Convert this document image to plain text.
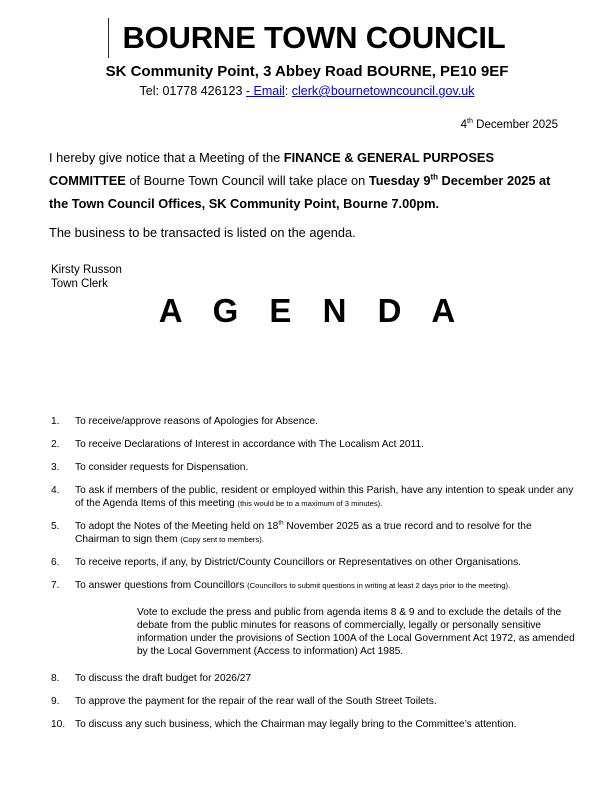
BOURNE TOWN COUNCIL
SK Community Point, 3 Abbey Road BOURNE, PE10 9EF
Tel: 01778 426123 - Email: clerk@bournetowncouncil.gov.uk
4th December 2025
I hereby give notice that a Meeting of the FINANCE & GENERAL PURPOSES COMMITTEE of Bourne Town Council will take place on Tuesday 9th December 2025 at the Town Council Offices, SK Community Point, Bourne 7.00pm.
The business to be transacted is listed on the agenda.
Kirsty Russon
Town Clerk
A G E N D A
1.	To receive/approve reasons of Apologies for Absence.
2.	To receive Declarations of Interest in accordance with The Localism Act 2011.
3.	To consider requests for Dispensation.
4.	To ask if members of the public, resident or employed within this Parish, have any intention to speak under any of the Agenda Items of this meeting (this would be to a maximum of 3 minutes).
5.	To adopt the Notes of the Meeting held on 18th November 2025 as a true record and to resolve for the Chairman to sign them (Copy sent to members).
6.	To receive reports, if any, by District/County Councillors or Representatives on other Organisations.
7.	To answer questions from Councillors (Councillors to submit questions in writing at least 2 days prior to the meeting).
Vote to exclude the press and public from agenda items 8 & 9 and to exclude the details of the debate from the public minutes for reasons of commercially, legally or personally sensitive information under the provisions of Section 100A of the Local Government Act 1972, as amended by the Local Government (Access to information) Act 1985.
8.	To discuss the draft budget for 2026/27
9.	To approve the payment for the repair of the rear wall of the South Street Toilets.
10. To discuss any such business, which the Chairman may legally bring to the Committee’s attention.
